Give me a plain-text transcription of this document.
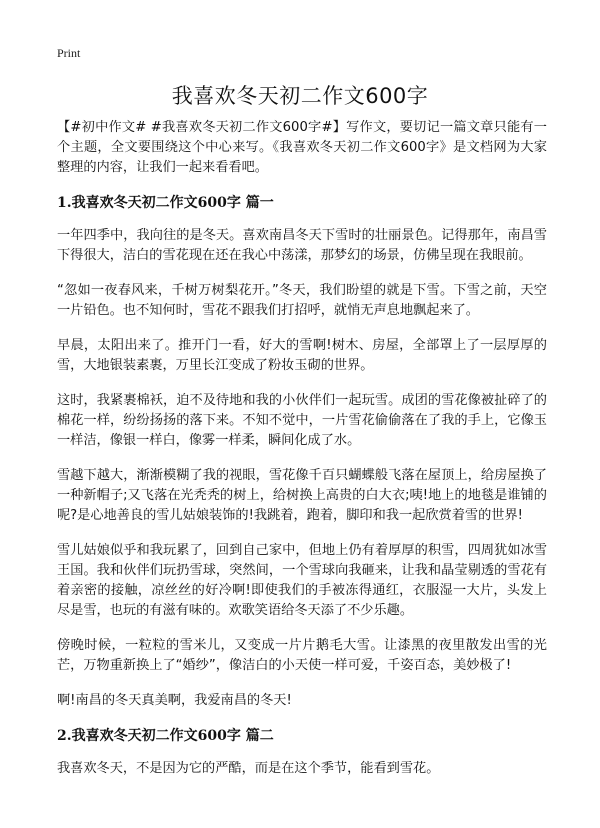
Print
我喜欢冬天初二作文600字

【#初中作文# #我喜欢冬天初二作文600字#】写作文，要切记一篇文章只能有一个主题，全文要围绕这个中心来写。《我喜欢冬天初二作文600字》是文档网为大家整理的内容，让我们一起来看看吧。

1.我喜欢冬天初二作文600字 篇一

一年四季中，我向往的是冬天。喜欢南昌冬天下雪时的壮丽景色。记得那年，南昌雪下得很大，洁白的雪花现在还在我心中荡漾，那梦幻的场景，仿佛呈现在我眼前。

“忽如一夜春风来，千树万树梨花开。”冬天，我们盼望的就是下雪。下雪之前，天空一片铅色。也不知何时，雪花不跟我们打招呼，就悄无声息地飘起来了。

早晨，太阳出来了。推开门一看，好大的雪啊!树木、房屋，全部罩上了一层厚厚的雪，大地银装素裹，万里长江变成了粉妆玉砌的世界。

这时，我紧裹棉袄，迫不及待地和我的小伙伴们一起玩雪。成团的雪花像被扯碎了的棉花一样，纷纷扬扬的落下来。不知不觉中，一片雪花偷偷落在了我的手上，它像玉一样洁，像银一样白，像雾一样柔，瞬间化成了水。

雪越下越大，渐渐模糊了我的视眼，雪花像千百只蝴蝶般飞落在屋顶上，给房屋换了一种新帽子;又飞落在光秃秃的树上，给树换上高贵的白大衣;咦!地上的地毯是谁铺的呢?是心地善良的雪儿姑娘装饰的!我跳着，跑着，脚印和我一起欣赏着雪的世界!

雪儿姑娘似乎和我玩累了，回到自己家中，但地上仍有着厚厚的积雪，四周犹如冰雪王国。我和伙伴们玩扔雪球，突然间，一个雪球向我砸来，让我和晶莹剔透的雪花有着亲密的接触，凉丝丝的好冷啊!即使我们的手被冻得通红，衣服湿一大片，头发上尽是雪，也玩的有滋有味的。欢歌笑语给冬天添了不少乐趣。

傍晚时候，一粒粒的雪米儿，又变成一片片鹅毛大雪。让漆黑的夜里散发出雪的光芒，万物重新换上了“婚纱”，像洁白的小天使一样可爱，千姿百态，美妙极了!

啊!南昌的冬天真美啊，我爱南昌的冬天!

2.我喜欢冬天初二作文600字 篇二

我喜欢冬天，不是因为它的严酷，而是在这个季节，能看到雪花。
